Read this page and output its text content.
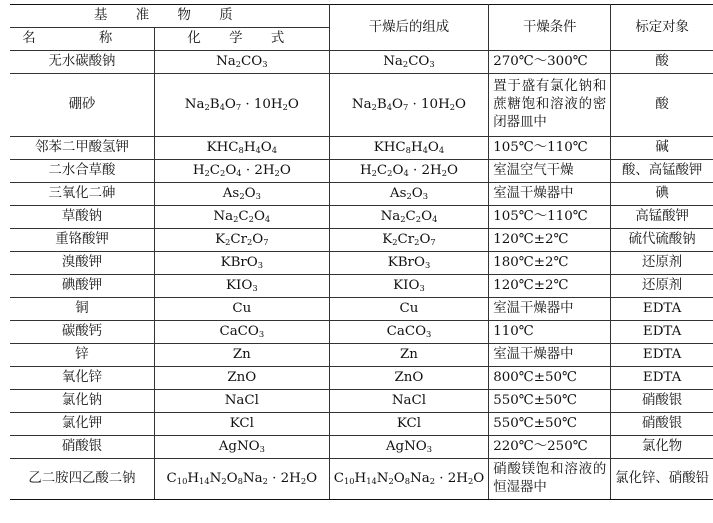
基 准 物 质		干燥后的组成	干燥条件	标定对象
名 称	化 学 式			
无水碳酸钠	$Na_2CO_3$	$Na_2CO_3$	270℃～300℃	酸
硼砂	$Na_2B_4O_7 \cdot 10H_2O$	$Na_2B_4O_7 \cdot 10H_2O$	置于盛有氯化钠和蔗糖饱和溶液的密闭器皿中	酸
邻苯二甲酸氢钾	$KHC_8H_4O_4$	$KHC_8H_4O_4$	105℃～110℃	碱
二水合草酸	$H_2C_2O_4 \cdot 2H_2O$	$H_2C_2O_4 \cdot 2H_2O$	室温空气干燥	酸、高锰酸钾
三氧化二砷	$As_2O_3$	$As_2O_3$	室温干燥器中	碘
草酸钠	$Na_2C_2O_4$	$Na_2C_2O_4$	105℃～110℃	高锰酸钾
重铬酸钾	$K_2Cr_2O_7$	$K_2Cr_2O_7$	120℃±2℃	硫代硫酸钠
溴酸钾	KBrO$_3$	KBrO$_3$	180℃±2℃	还原剂
碘酸钾	$KIO_3$	$KIO_3$	120℃±2℃	还原剂
铜	Cu	Cu	室温干燥器中	EDTA
碳酸钙	CaCO$_3$	CaCO$_3$	110℃	EDTA
锌	Zn	Zn	室温干燥器中	EDTA
氧化锌	ZnO	ZnO	800℃±50℃	EDTA
氯化钠	NaCl	NaCl	550℃±50℃	硝酸银
氯化钾	KCl	KCl	550℃±50℃	硝酸银
硝酸银	AgNO$_3$	AgNO$_3$	220℃～250℃	氯化物
乙二胺四乙酸二钠	$C_{10}H_{14}N_2O_8Na_2 \cdot 2H_2O$	$C_{10}H_{14}N_2O_8Na_2 \cdot 2H_2O$	硝酸镁饱和溶液的恒湿器中	氯化锌、硝酸铅
